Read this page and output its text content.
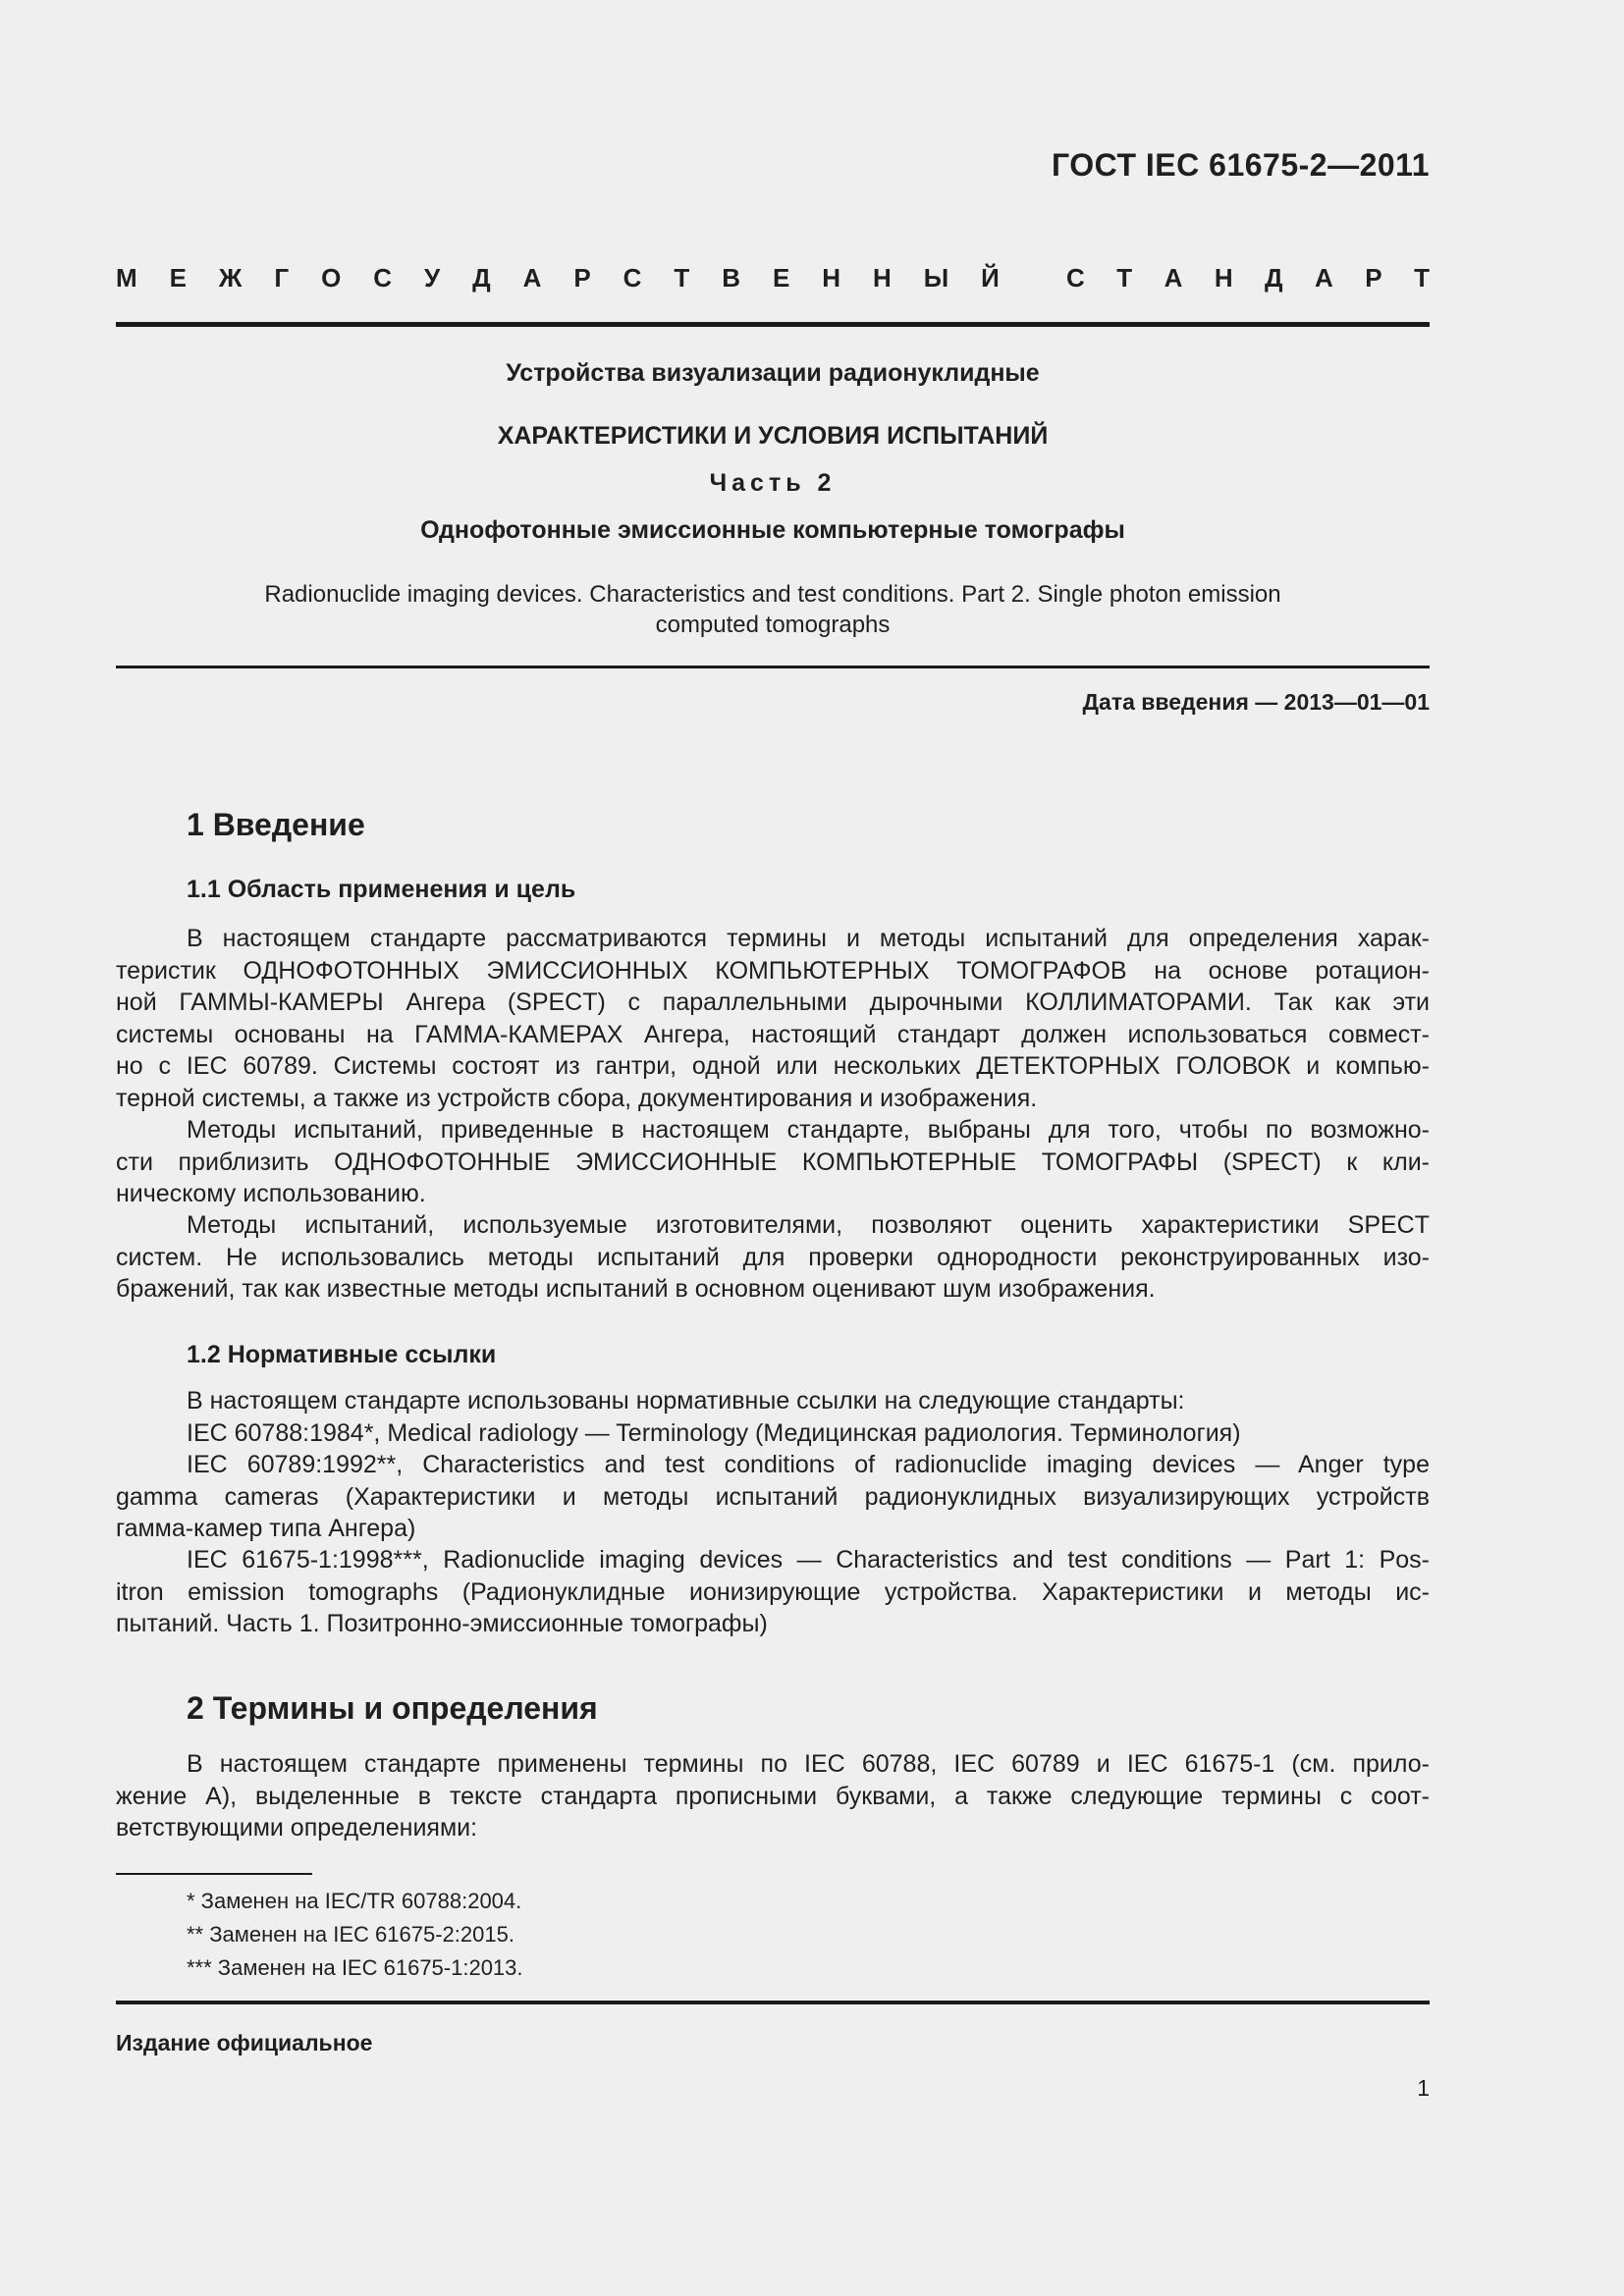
ГОСТ IEC 61675-2—2011
М Е Ж Г О С У Д А Р С Т В Е Н Н Ы Й	С Т А Н Д А Р Т
Устройства визуализации радионуклидные
ХАРАКТЕРИСТИКИ И УСЛОВИЯ ИСПЫТАНИЙ
Часть 2
Однофотонные эмиссионные компьютерные томографы
Radionuclide imaging devices. Characteristics and test conditions. Part 2. Single photon emission
computed tomographs
Дата введения — 2013—01—01
1 Введение
1.1 Область применения и цель
В настоящем стандарте рассматриваются термины и методы испытаний для определения харак-
теристик ОДНОФОТОННЫХ ЭМИССИОННЫХ КОМПЬЮТЕРНЫХ ТОМОГРАФОВ на основе ротацион-
ной ГАММЫ-КАМЕРЫ Ангера (SPECT) с параллельными дырочными КОЛЛИМАТОРАМИ. Так как эти
системы основаны на ГАММА-КАМЕРАХ Ангера, настоящий стандарт должен использоваться совмест-
но с IEC 60789. Системы состоят из гантри, одной или нескольких ДЕТЕКТОРНЫХ ГОЛОВОК и компью-
терной системы, а также из устройств сбора, документирования и изображения.
Методы испытаний, приведенные в настоящем стандарте, выбраны для того, чтобы по возможно-
сти приблизить ОДНОФОТОННЫЕ ЭМИССИОННЫЕ КОМПЬЮТЕРНЫЕ ТОМОГРАФЫ (SPECT) к кли-
ническому использованию.
Методы испытаний, используемые изготовителями, позволяют оценить характеристики SPECT
систем. Не использовались методы испытаний для проверки однородности реконструированных изо-
бражений, так как известные методы испытаний в основном оценивают шум изображения.
1.2 Нормативные ссылки
В настоящем стандарте использованы нормативные ссылки на следующие стандарты:
IEC 60788:1984*, Medical radiology — Terminology (Медицинская радиология. Терминология)
IEC 60789:1992**, Characteristics and test conditions of radionuclide imaging devices — Anger type
gamma cameras (Характеристики и методы испытаний радионуклидных визуализирующих устройств
гамма-камер типа Ангера)
IEC 61675-1:1998***, Radionuclide imaging devices — Characteristics and test conditions — Part 1: Pos-
itron emission tomographs (Радионуклидные ионизирующие устройства. Характеристики и методы ис-
пытаний. Часть 1. Позитронно-эмиссионные томографы)
2 Термины и определения
В настоящем стандарте применены термины по IEC 60788, IEC 60789 и IEC 61675-1 (см. прило-
жение А), выделенные в тексте стандарта прописными буквами, а также следующие термины с соот-
ветствующими определениями:
* Заменен на IEC/TR 60788:2004.
** Заменен на IEC 61675-2:2015.
*** Заменен на IEC 61675-1:2013.
Издание официальное
1
